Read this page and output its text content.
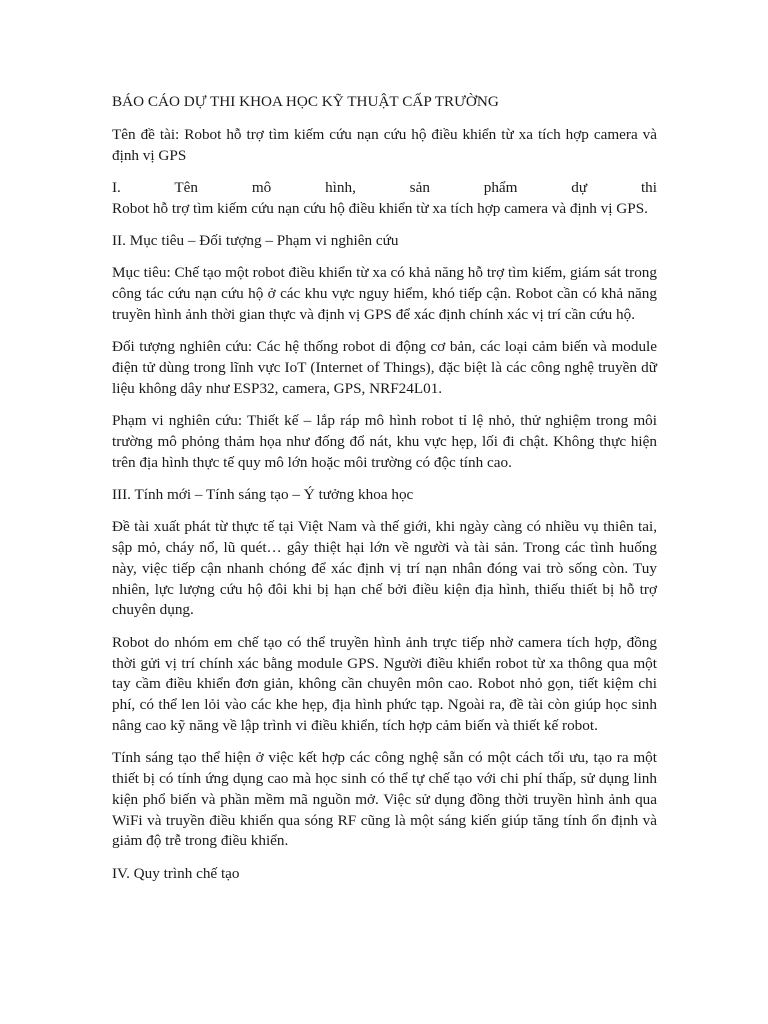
BÁO CÁO DỰ THI KHOA HỌC KỸ THUẬT CẤP TRƯỜNG

Tên đề tài: Robot hỗ trợ tìm kiếm cứu nạn cứu hộ điều khiển từ xa tích hợp camera và định vị GPS

I. Tên mô hình, sản phẩm dự thi
Robot hỗ trợ tìm kiếm cứu nạn cứu hộ điều khiển từ xa tích hợp camera và định vị GPS.

II. Mục tiêu – Đối tượng – Phạm vi nghiên cứu

Mục tiêu: Chế tạo một robot điều khiển từ xa có khả năng hỗ trợ tìm kiếm, giám sát trong công tác cứu nạn cứu hộ ở các khu vực nguy hiểm, khó tiếp cận. Robot cần có khả năng truyền hình ảnh thời gian thực và định vị GPS để xác định chính xác vị trí cần cứu hộ.

Đối tượng nghiên cứu: Các hệ thống robot di động cơ bản, các loại cảm biến và module điện tử dùng trong lĩnh vực IoT (Internet of Things), đặc biệt là các công nghệ truyền dữ liệu không dây như ESP32, camera, GPS, NRF24L01.

Phạm vi nghiên cứu: Thiết kế – lắp ráp mô hình robot tỉ lệ nhỏ, thử nghiệm trong môi trường mô phỏng thảm họa như đống đổ nát, khu vực hẹp, lối đi chật. Không thực hiện trên địa hình thực tế quy mô lớn hoặc môi trường có độc tính cao.

III. Tính mới – Tính sáng tạo – Ý tưởng khoa học

Đề tài xuất phát từ thực tế tại Việt Nam và thế giới, khi ngày càng có nhiều vụ thiên tai, sập mỏ, cháy nổ, lũ quét… gây thiệt hại lớn về người và tài sản. Trong các tình huống này, việc tiếp cận nhanh chóng để xác định vị trí nạn nhân đóng vai trò sống còn. Tuy nhiên, lực lượng cứu hộ đôi khi bị hạn chế bởi điều kiện địa hình, thiếu thiết bị hỗ trợ chuyên dụng.

Robot do nhóm em chế tạo có thể truyền hình ảnh trực tiếp nhờ camera tích hợp, đồng thời gửi vị trí chính xác bằng module GPS. Người điều khiển robot từ xa thông qua một tay cầm điều khiển đơn giản, không cần chuyên môn cao. Robot nhỏ gọn, tiết kiệm chi phí, có thể len lỏi vào các khe hẹp, địa hình phức tạp. Ngoài ra, đề tài còn giúp học sinh nâng cao kỹ năng về lập trình vi điều khiển, tích hợp cảm biến và thiết kế robot.

Tính sáng tạo thể hiện ở việc kết hợp các công nghệ sẵn có một cách tối ưu, tạo ra một thiết bị có tính ứng dụng cao mà học sinh có thể tự chế tạo với chi phí thấp, sử dụng linh kiện phổ biến và phần mềm mã nguồn mở. Việc sử dụng đồng thời truyền hình ảnh qua WiFi và truyền điều khiển qua sóng RF cũng là một sáng kiến giúp tăng tính ổn định và giảm độ trễ trong điều khiển.

IV. Quy trình chế tạo
